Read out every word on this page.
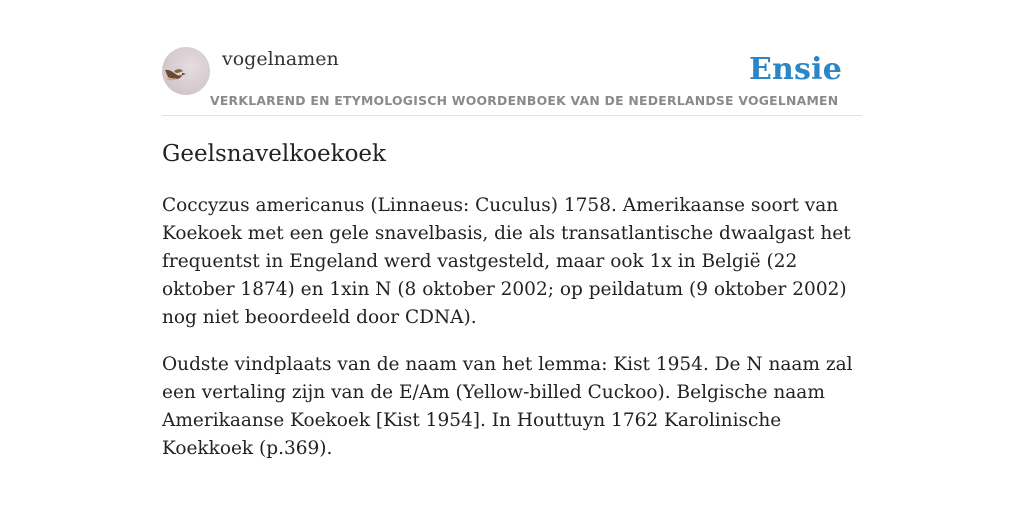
vogelnamen	Ensie
VERKLAREND EN ETYMOLOGISCH WOORDENBOEK VAN DE NEDERLANDSE VOGELNAMEN
Geelsnavelkoekoek

Coccyzus americanus (Linnaeus: Cuculus) 1758. Amerikaanse soort van Koekoek met een gele snavelbasis, die als transatlantische dwaalgast het frequentst in Engeland werd vastgesteld, maar ook 1x in België (22 oktober 1874) en 1xin N (8 oktober 2002; op peildatum (9 oktober 2002) nog niet beoordeeld door CDNA).

Oudste vindplaats van de naam van het lemma: Kist 1954. De N naam zal een vertaling zijn van de E/Am (Yellow-billed Cuckoo). Belgische naam Amerikaanse Koekoek [Kist 1954]. In Houttuyn 1762 Karolinische Koekkoek (p.369).
